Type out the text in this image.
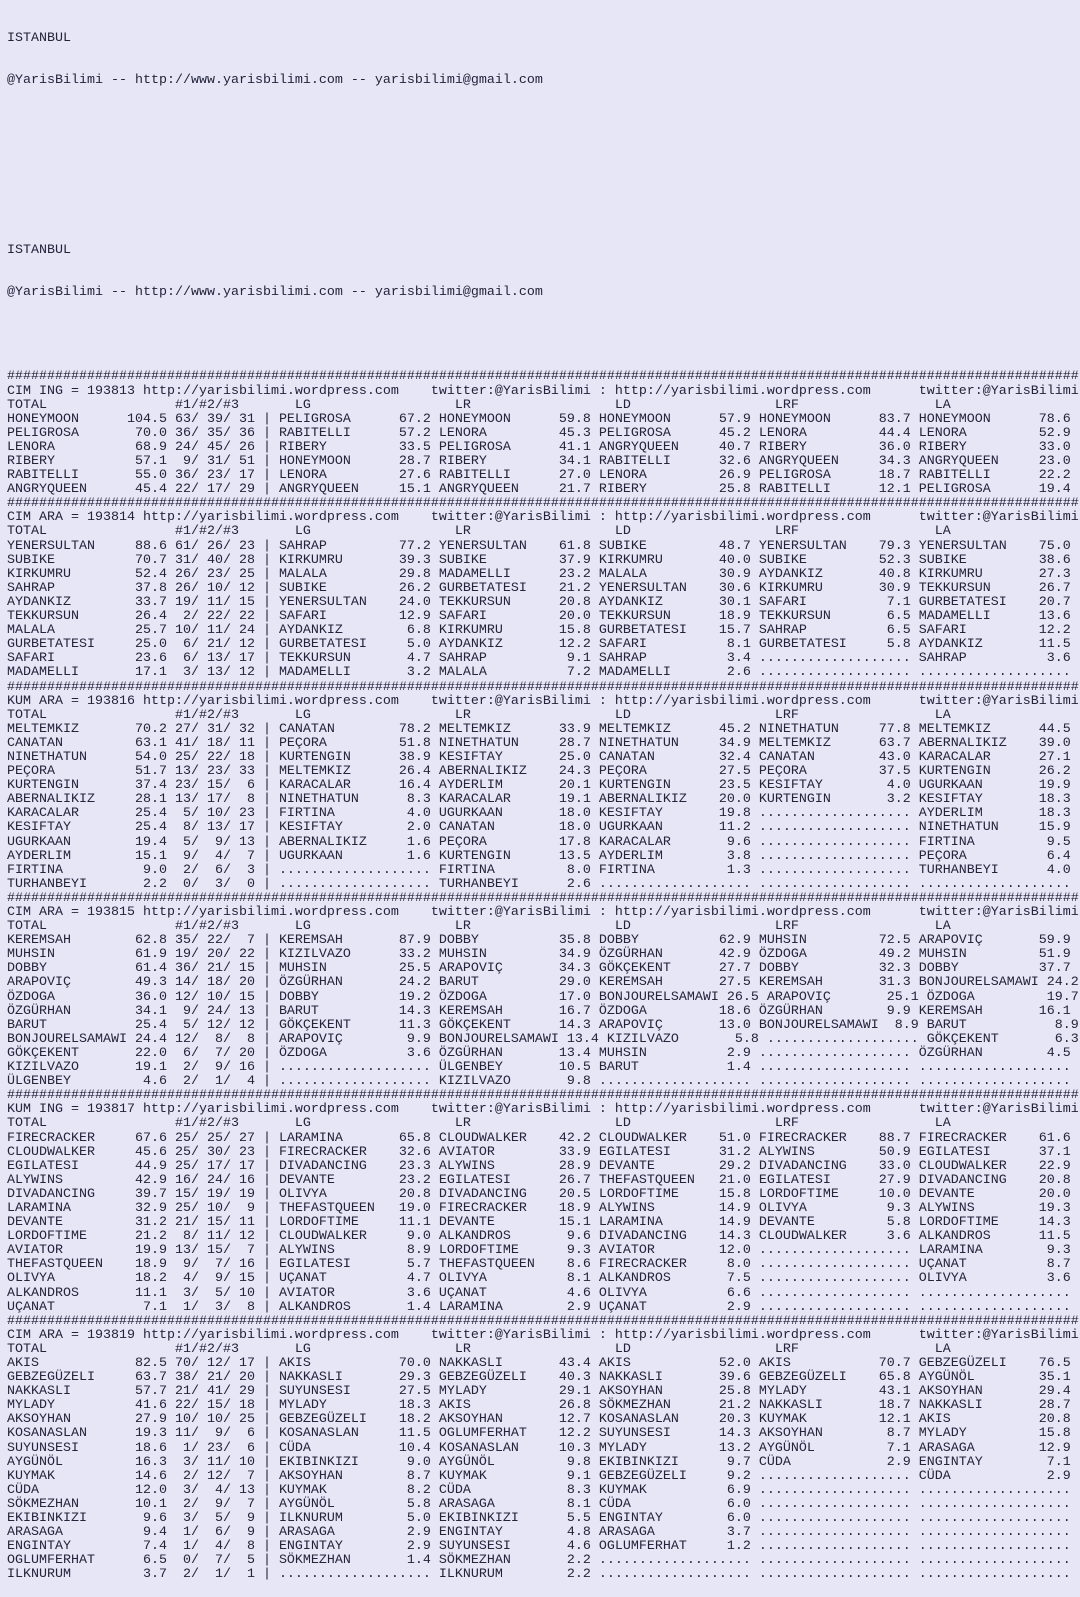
ISTANBUL

@YarisBilimi -- http://www.yarisbilimi.com -- yarisbilimi@gmail.com

ISTANBUL

@YarisBilimi -- http://www.yarisbilimi.com -- yarisbilimi@gmail.com

######################################################################################################################################
CIM ING = 193813 http://yarisbilimi.wordpress.com    twitter:@YarisBilimi : http://yarisbilimi.wordpress.com      twitter:@YarisBilimi
TOTAL                #1/#2/#3       LG                  LR                  LD                  LRF                 LA
HONEYMOON      104.5 63/ 39/ 31 | PELIGROSA      67.2 HONEYMOON      59.8 HONEYMOON      57.9 HONEYMOON      83.7 HONEYMOON      78.6
PELIGROSA       70.0 36/ 35/ 36 | RABITELLI      57.2 LENORA         45.3 PELIGROSA      45.2 LENORA         44.4 LENORA         52.9
LENORA          68.9 24/ 45/ 26 | RIBERY         33.5 PELIGROSA      41.1 ANGRYQUEEN     40.7 RIBERY         36.0 RIBERY         33.0
RIBERY          57.1  9/ 31/ 51 | HONEYMOON      28.7 RIBERY         34.1 RABITELLI      32.6 ANGRYQUEEN     34.3 ANGRYQUEEN     23.0
RABITELLI       55.0 36/ 23/ 17 | LENORA         27.6 RABITELLI      27.0 LENORA         26.9 PELIGROSA      18.7 RABITELLI      22.2
ANGRYQUEEN      45.4 22/ 17/ 29 | ANGRYQUEEN     15.1 ANGRYQUEEN     21.7 RIBERY         25.8 RABITELLI      12.1 PELIGROSA      19.4
######################################################################################################################################
CIM ARA = 193814 http://yarisbilimi.wordpress.com    twitter:@YarisBilimi : http://yarisbilimi.wordpress.com      twitter:@YarisBilimi
TOTAL                #1/#2/#3       LG                  LR                  LD                  LRF                 LA
YENERSULTAN     88.6 61/ 26/ 23 | SAHRAP         77.2 YENERSULTAN    61.8 SUBIKE         48.7 YENERSULTAN    79.3 YENERSULTAN    75.0
SUBIKE          70.7 31/ 40/ 28 | KIRKUMRU       39.3 SUBIKE         37.9 KIRKUMRU       40.0 SUBIKE         52.3 SUBIKE         38.6
KIRKUMRU        52.4 26/ 23/ 25 | MALALA         29.8 MADAMELLI      23.2 MALALA         30.9 AYDANKIZ       40.8 KIRKUMRU       27.3
SAHRAP          37.8 26/ 10/ 12 | SUBIKE         26.2 GURBETATESI    21.2 YENERSULTAN    30.6 KIRKUMRU       30.9 TEKKURSUN      26.7
AYDANKIZ        33.7 19/ 11/ 15 | YENERSULTAN    24.0 TEKKURSUN      20.8 AYDANKIZ       30.1 SAFARI          7.1 GURBETATESI    20.7
TEKKURSUN       26.4  2/ 22/ 22 | SAFARI         12.9 SAFARI         20.0 TEKKURSUN      18.9 TEKKURSUN       6.5 MADAMELLI      13.6
MALALA          25.7 10/ 11/ 24 | AYDANKIZ        6.8 KIRKUMRU       15.8 GURBETATESI    15.7 SAHRAP          6.5 SAFARI         12.2
GURBETATESI     25.0  6/ 21/ 12 | GURBETATESI     5.0 AYDANKIZ       12.2 SAFARI          8.1 GURBETATESI     5.8 AYDANKIZ       11.5
SAFARI          23.6  6/ 13/ 17 | TEKKURSUN       4.7 SAHRAP          9.1 SAHRAP          3.4 ................... SAHRAP          3.6
MADAMELLI       17.1  3/ 13/ 12 | MADAMELLI       3.2 MALALA          7.2 MADAMELLI       2.6 ................... ...................
######################################################################################################################################
KUM ARA = 193816 http://yarisbilimi.wordpress.com    twitter:@YarisBilimi : http://yarisbilimi.wordpress.com      twitter:@YarisBilimi
TOTAL                #1/#2/#3       LG                  LR                  LD                  LRF                 LA
MELTEMKIZ       70.2 27/ 31/ 32 | CANATAN        78.2 MELTEMKIZ      33.9 MELTEMKIZ      45.2 NINETHATUN     77.8 MELTEMKIZ      44.5
CANATAN         63.1 41/ 18/ 11 | PEÇORA         51.8 NINETHATUN     28.7 NINETHATUN     34.9 MELTEMKIZ      63.7 ABERNALIKIZ    39.0
NINETHATUN      54.0 25/ 22/ 18 | KURTENGIN      38.9 KESIFTAY       25.0 CANATAN        32.4 CANATAN        43.0 KARACALAR      27.1
PEÇORA          51.7 13/ 23/ 33 | MELTEMKIZ      26.4 ABERNALIKIZ    24.3 PEÇORA         27.5 PEÇORA         37.5 KURTENGIN      26.2
KURTENGIN       37.4 23/ 15/  6 | KARACALAR      16.4 AYDERLIM       20.1 KURTENGIN      23.5 KESIFTAY        4.0 UGURKAAN       19.9
ABERNALIKIZ     28.1 13/ 17/  8 | NINETHATUN      8.3 KARACALAR      19.1 ABERNALIKIZ    20.0 KURTENGIN       3.2 KESIFTAY       18.3
KARACALAR       25.4  5/ 10/ 23 | FIRTINA         4.0 UGURKAAN       18.0 KESIFTAY       19.8 ................... AYDERLIM       18.3
KESIFTAY        25.4  8/ 13/ 17 | KESIFTAY        2.0 CANATAN        18.0 UGURKAAN       11.2 ................... NINETHATUN     15.9
UGURKAAN        19.4  5/  9/ 13 | ABERNALIKIZ     1.6 PEÇORA         17.8 KARACALAR       9.6 ................... FIRTINA         9.5
AYDERLIM        15.1  9/  4/  7 | UGURKAAN        1.6 KURTENGIN      13.5 AYDERLIM        3.8 ................... PEÇORA          6.4
FIRTINA          9.0  2/  6/  3 | ................... FIRTINA         8.0 FIRTINA         1.3 ................... TURHANBEYI      4.0
TURHANBEYI       2.2  0/  3/  0 | ................... TURHANBEYI      2.6 ................... ................... ...................
######################################################################################################################################
CIM ARA = 193815 http://yarisbilimi.wordpress.com    twitter:@YarisBilimi : http://yarisbilimi.wordpress.com      twitter:@YarisBilimi
TOTAL                #1/#2/#3       LG                  LR                  LD                  LRF                 LA
KEREMSAH        62.8 35/ 22/  7 | KEREMSAH       87.9 DOBBY          35.8 DOBBY          62.9 MUHSIN         72.5 ARAPOVIÇ       59.9
MUHSIN          61.9 19/ 20/ 22 | KIZILVAZO      33.2 MUHSIN         34.9 ÖZGÜRHAN       42.9 ÖZDOGA         49.2 MUHSIN         51.9
DOBBY           61.4 36/ 21/ 15 | MUHSIN         25.5 ARAPOVIÇ       34.3 GÖKÇEKENT      27.7 DOBBY          32.3 DOBBY          37.7
ARAPOVIÇ        49.3 14/ 18/ 20 | ÖZGÜRHAN       24.2 BARUT          29.0 KEREMSAH       27.5 KEREMSAH       31.3 BONJOURELSAMAWI 24.2
ÖZDOGA          36.0 12/ 10/ 15 | DOBBY          19.2 ÖZDOGA         17.0 BONJOURELSAMAWI 26.5 ARAPOVIÇ       25.1 ÖZDOGA         19.7
ÖZGÜRHAN        34.1  9/ 24/ 13 | BARUT          14.3 KEREMSAH       16.7 ÖZDOGA         18.6 ÖZGÜRHAN        9.9 KEREMSAH       16.1
BARUT           25.4  5/ 12/ 12 | GÖKÇEKENT      11.3 GÖKÇEKENT      14.3 ARAPOVIÇ       13.0 BONJOURELSAMAWI  8.9 BARUT           8.9
BONJOURELSAMAWI 24.4 12/  8/  8 | ARAPOVIÇ        9.9 BONJOURELSAMAWI 13.4 KIZILVAZO       5.8 ................... GÖKÇEKENT       6.3
GÖKÇEKENT       22.0  6/  7/ 20 | ÖZDOGA          3.6 ÖZGÜRHAN       13.4 MUHSIN          2.9 ................... ÖZGÜRHAN        4.5
KIZILVAZO       19.1  2/  9/ 16 | ................... ÜLGENBEY       10.5 BARUT           1.4 ................... ...................
ÜLGENBEY         4.6  2/  1/  4 | ................... KIZILVAZO       9.8 ................... ................... ...................
######################################################################################################################################
KUM ING = 193817 http://yarisbilimi.wordpress.com    twitter:@YarisBilimi : http://yarisbilimi.wordpress.com      twitter:@YarisBilimi
TOTAL                #1/#2/#3       LG                  LR                  LD                  LRF                 LA
FIRECRACKER     67.6 25/ 25/ 27 | LARAMINA       65.8 CLOUDWALKER    42.2 CLOUDWALKER    51.0 FIRECRACKER    88.7 FIRECRACKER    61.6
CLOUDWALKER     45.6 25/ 30/ 23 | FIRECRACKER    32.6 AVIATOR        33.9 EGILATESI      31.2 ALYWINS        50.9 EGILATESI      37.1
EGILATESI       44.9 25/ 17/ 17 | DIVADANCING    23.3 ALYWINS        28.9 DEVANTE        29.2 DIVADANCING    33.0 CLOUDWALKER    22.9
ALYWINS         42.9 16/ 24/ 16 | DEVANTE        23.2 EGILATESI      26.7 THEFASTQUEEN   21.0 EGILATESI      27.9 DIVADANCING    20.8
DIVADANCING     39.7 15/ 19/ 19 | OLIVYA         20.8 DIVADANCING    20.5 LORDOFTIME     15.8 LORDOFTIME     10.0 DEVANTE        20.0
LARAMINA        32.9 25/ 10/  9 | THEFASTQUEEN   19.0 FIRECRACKER    18.9 ALYWINS        14.9 OLIVYA          9.3 ALYWINS        19.3
DEVANTE         31.2 21/ 15/ 11 | LORDOFTIME     11.1 DEVANTE        15.1 LARAMINA       14.9 DEVANTE         5.8 LORDOFTIME     14.3
LORDOFTIME      21.2  8/ 11/ 12 | CLOUDWALKER     9.0 ALKANDROS       9.6 DIVADANCING    14.3 CLOUDWALKER     3.6 ALKANDROS      11.5
AVIATOR         19.9 13/ 15/  7 | ALYWINS         8.9 LORDOFTIME      9.3 AVIATOR        12.0 ................... LARAMINA        9.3
THEFASTQUEEN    18.9  9/  7/ 16 | EGILATESI       5.7 THEFASTQUEEN    8.6 FIRECRACKER     8.0 ................... UÇANAT          8.7
OLIVYA          18.2  4/  9/ 15 | UÇANAT          4.7 OLIVYA          8.1 ALKANDROS       7.5 ................... OLIVYA          3.6
ALKANDROS       11.1  3/  5/ 10 | AVIATOR         3.6 UÇANAT          4.6 OLIVYA          6.6 ................... ...................
UÇANAT           7.1  1/  3/  8 | ALKANDROS       1.4 LARAMINA        2.9 UÇANAT          2.9 ................... ...................
######################################################################################################################################
CIM ARA = 193819 http://yarisbilimi.wordpress.com    twitter:@YarisBilimi : http://yarisbilimi.wordpress.com      twitter:@YarisBilimi
TOTAL                #1/#2/#3       LG                  LR                  LD                  LRF                 LA
AKIS            82.5 70/ 12/ 17 | AKIS           70.0 NAKKASLI       43.4 AKIS           52.0 AKIS           70.7 GEBZEGÜZELI    76.5
GEBZEGÜZELI     63.7 38/ 21/ 20 | NAKKASLI       29.3 GEBZEGÜZELI    40.3 NAKKASLI       39.6 GEBZEGÜZELI    65.8 AYGÜNÖL        35.1
NAKKASLI        57.7 21/ 41/ 29 | SUYUNSESI      27.5 MYLADY         29.1 AKSOYHAN       25.8 MYLADY         43.1 AKSOYHAN       29.4
MYLADY          41.6 22/ 15/ 18 | MYLADY         18.3 AKIS           26.8 SÖKMEZHAN      21.2 NAKKASLI       18.7 NAKKASLI       28.7
AKSOYHAN        27.9 10/ 10/ 25 | GEBZEGÜZELI    18.2 AKSOYHAN       12.7 KOSANASLAN     20.3 KUYMAK         12.1 AKIS           20.8
KOSANASLAN      19.3 11/  9/  6 | KOSANASLAN     11.5 OGLUMFERHAT    12.2 SUYUNSESI      14.3 AKSOYHAN        8.7 MYLADY         15.8
SUYUNSESI       18.6  1/ 23/  6 | CÜDA           10.4 KOSANASLAN     10.3 MYLADY         13.2 AYGÜNÖL         7.1 ARASAGA        12.9
AYGÜNÖL         16.3  3/ 11/ 10 | EKIBINKIZI      9.0 AYGÜNÖL         9.8 EKIBINKIZI      9.7 CÜDA            2.9 ENGINTAY        7.1
KUYMAK          14.6  2/ 12/  7 | AKSOYHAN        8.7 KUYMAK          9.1 GEBZEGÜZELI     9.2 ................... CÜDA            2.9
CÜDA            12.0  3/  4/ 13 | KUYMAK          8.2 CÜDA            8.3 KUYMAK          6.9 ................... ...................
SÖKMEZHAN       10.1  2/  9/  7 | AYGÜNÖL         5.8 ARASAGA         8.1 CÜDA            6.0 ................... ...................
EKIBINKIZI       9.6  3/  5/  9 | ILKNURUM        5.0 EKIBINKIZI      5.5 ENGINTAY        6.0 ................... ...................
ARASAGA          9.4  1/  6/  9 | ARASAGA         2.9 ENGINTAY        4.8 ARASAGA         3.7 ................... ...................
ENGINTAY         7.4  1/  4/  8 | ENGINTAY        2.9 SUYUNSESI       4.6 OGLUMFERHAT     1.2 ................... ...................
OGLUMFERHAT      6.5  0/  7/  5 | SÖKMEZHAN       1.4 SÖKMEZHAN       2.2 ................... ................... ...................
ILKNURUM         3.7  2/  1/  1 | ................... ILKNURUM        2.2 ................... ................... ...................
